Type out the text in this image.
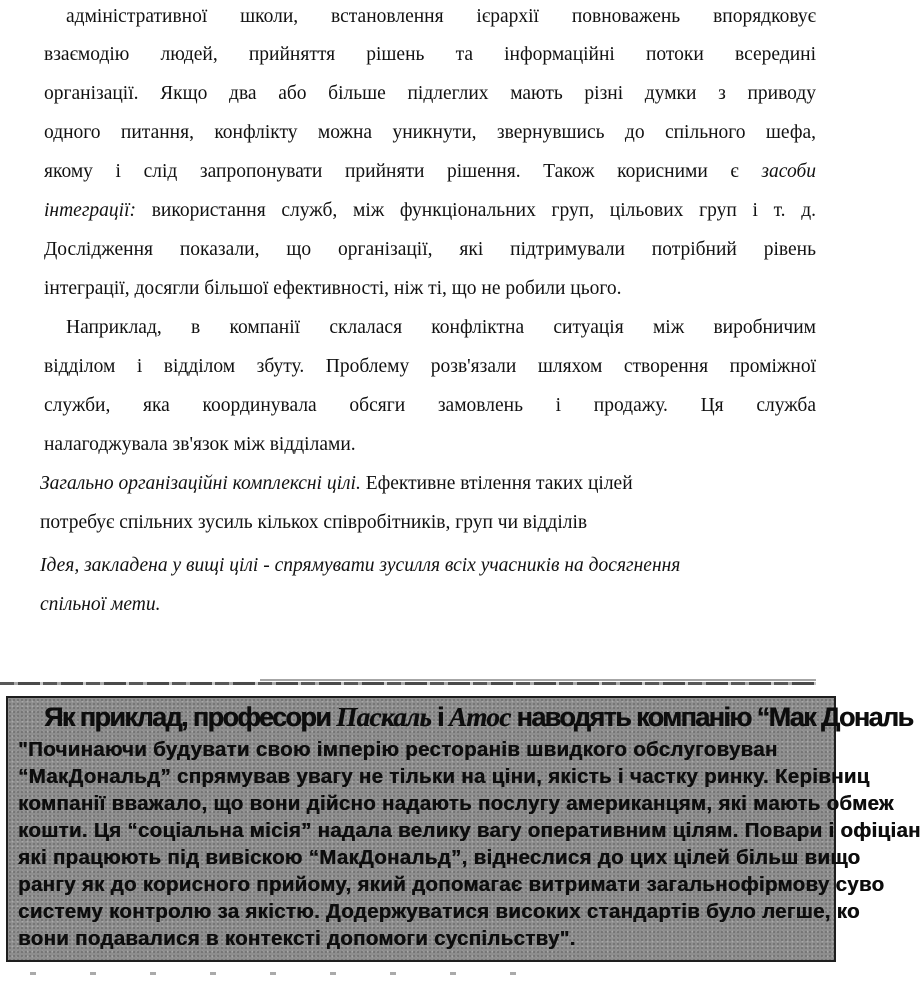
адміністративної школи, встановлення ієрархії повноважень впорядковує
взаємодію людей, прийняття рішень та інформаційні потоки всередині
організації. Якщо два або більше підлеглих мають різні думки з приводу
одного питання, конфлікту можна уникнути, звернувшись до спільного шефа,
якому і слід запропонувати прийняти рішення. Також корисними є засоби
інтеграції: використання служб, між функціональних груп, цільових груп і т. д.
Дослідження показали, що організації, які підтримували потрібний рівень
інтеграції, досягли більшої ефективності, ніж ті, що не робили цього.
Наприклад, в компанії склалася конфліктна ситуація між виробничим
відділом і відділом збуту. Проблему розв'язали шляхом створення проміжної
служби, яка координувала обсяги замовлень і продажу. Ця служба
налагоджувала зв'язок між відділами.
Загально організаційні комплексні цілі. Ефективне втілення таких цілей
потребує спільних зусиль кількох співробітників, груп чи відділів
Ідея, закладена у вищі цілі - спрямувати зусилля всіх учасників на досягнення
спільної мети.
Як приклад, професори Паскаль і Атос наводять компанію “Мак Дональ
"Починаючи будувати свою імперію ресторанів швидкого обслуговуван
“МакДональд” спрямував увагу не тільки на ціни, якість і частку ринку. Керівниц
компанії вважало, що вони дійсно надають послугу американцям, які мають обмеж
кошти. Ця “соціальна місія” надала велику вагу оперативним цілям. Повари і офіціан
які працюють під вивіскою “МакДональд”, віднеслися до цих цілей більш вищо
рангу як до корисного прийому, який допомагає витримати загальнофірмову суво
систему контролю за якістю. Додержуватися високих стандартів було легше, ко
вони подавалися в контексті допомоги суспільству".
